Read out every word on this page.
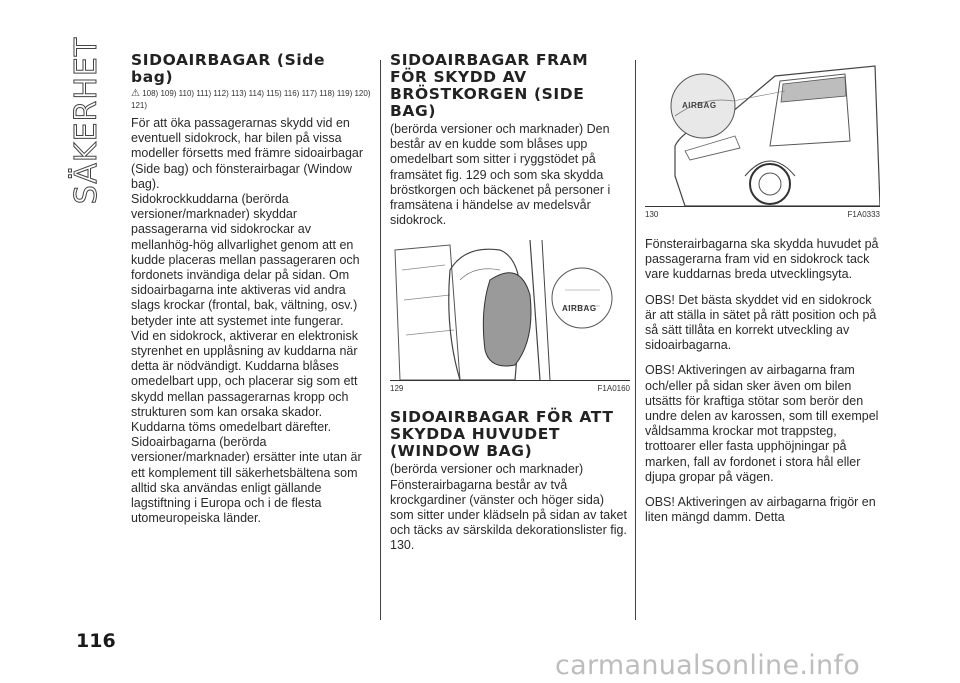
SÄKERHET SIDOAIRBAGAR (Side bag)
⚠ 108) 109) 110) 111) 112) 113) 114) 115) 116) 117) 118) 119) 120) 121)

För att öka passagerarnas skydd vid en eventuell sidokrock, har bilen på vissa modeller försetts med främre sidoairbagar (Side bag) och fönsterairbagar (Window bag).

Sidokrockkuddarna (berörda versioner/marknader) skyddar passagerarna vid sidokrockar av mellanhög-hög allvarlighet genom att en kudde placeras mellan passageraren och fordonets invändiga delar på sidan. Om sidoairbagarna inte aktiveras vid andra slags krockar (frontal, bak, vältning, osv.) betyder inte att systemet inte fungerar.

Vid en sidokrock, aktiverar en elektronisk styrenhet en upplåsning av kuddarna när detta är nödvändigt. Kuddarna blåses omedelbart upp, och placerar sig som ett skydd mellan passagerarnas kropp och strukturen som kan orsaka skador. Kuddarna töms omedelbart därefter.

Sidoairbagarna (berörda versioner/marknader) ersätter inte utan är ett komplement till säkerhetsbältena som alltid ska användas enligt gällande lagstiftning i Europa och i de flesta utomeuropeiska länder.

SIDOAIRBAGAR FRAM FÖR SKYDD AV BRÖSTKORGEN (SIDE BAG)

(berörda versioner och marknader) Den består av en kudde som blåses upp omedelbart som sitter i ryggstödet på framsätet fig. 129 och som ska skydda bröstkorgen och bäckenet på personer i framsätena i händelse av medelsvår sidokrock.

AIRBAG
129	F1A0160
SIDOAIRBAGAR FÖR ATT SKYDDA HUVUDET (WINDOW BAG)

(berörda versioner och marknader) Fönsterairbagarna består av två krockgardiner (vänster och höger sida) som sitter under klädseln på sidan av taket och täcks av särskilda dekorationslister fig. 130.

AIRBAG
130	F1A0333

Fönsterairbagarna ska skydda huvudet på passagerarna fram vid en sidokrock tack vare kuddarnas breda utvecklingsyta.

OBS! Det bästa skyddet vid en sidokrock är att ställa in sätet på rätt position och på så sätt tillåta en korrekt utveckling av sidoairbagarna.

OBS! Aktiveringen av airbagarna fram och/eller på sidan sker även om bilen utsätts för kraftiga stötar som berör den undre delen av karossen, som till exempel våldsamma krockar mot trappsteg, trottoarer eller fasta upphöjningar på marken, fall av fordonet i stora hål eller djupa gropar på vägen.

OBS! Aktiveringen av airbagarna frigör en liten mängd damm. Detta

116
carmanualsonline.info
